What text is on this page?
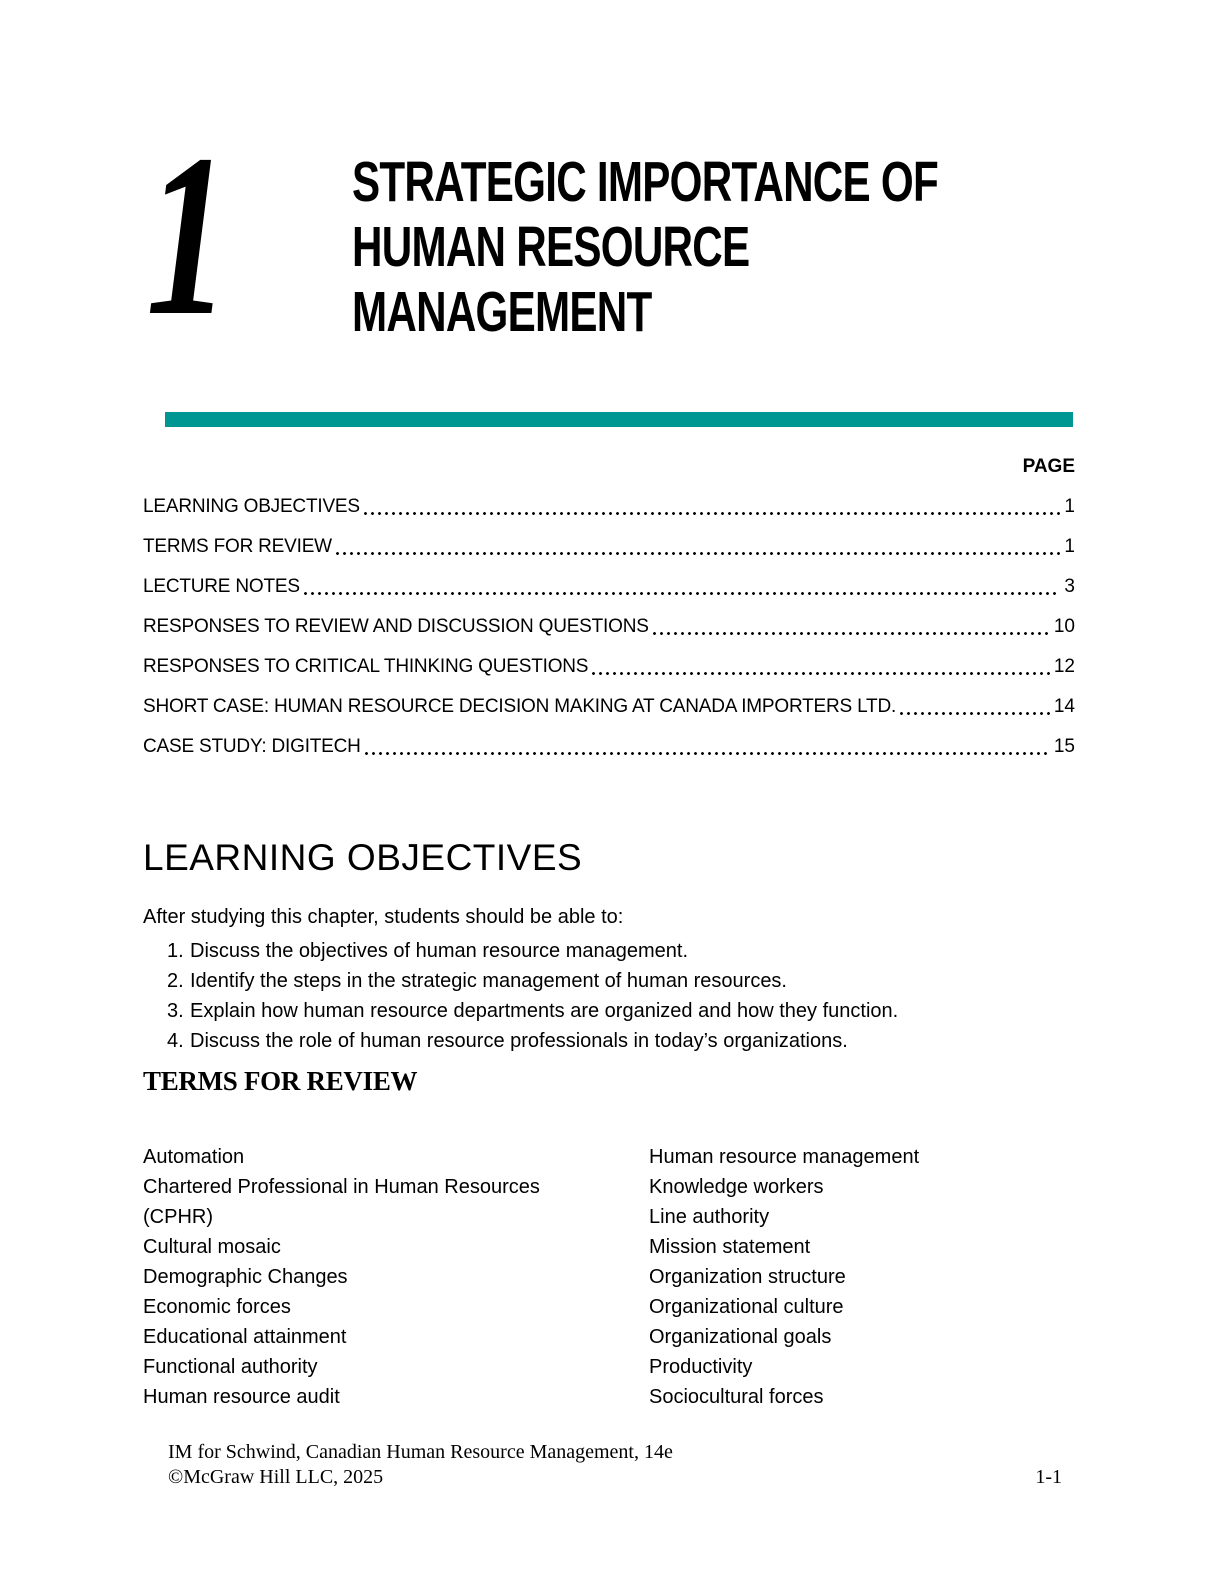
1 STRATEGIC IMPORTANCE OF
HUMAN RESOURCE
MANAGEMENT
PAGE
LEARNING OBJECTIVES	1
TERMS FOR REVIEW	1
LECTURE NOTES	3
RESPONSES TO REVIEW AND DISCUSSION QUESTIONS	10
RESPONSES TO CRITICAL THINKING QUESTIONS	12
SHORT CASE: HUMAN RESOURCE DECISION MAKING AT CANADA IMPORTERS LTD.	14
CASE STUDY: DIGITECH	15
LEARNING OBJECTIVES

After studying this chapter, students should be able to:

1. Discuss the objectives of human resource management.
2. Identify the steps in the strategic management of human resources.
3. Explain how human resource departments are organized and how they function.
4. Discuss the role of human resource professionals in today’s organizations.
TERMS FOR REVIEW
Automation
Chartered Professional in Human Resources (CPHR)
Cultural mosaic
Demographic Changes
Economic forces
Educational attainment
Functional authority
Human resource audit
Human resource management
Knowledge workers
Line authority
Mission statement
Organization structure
Organizational culture
Organizational goals
Productivity
Sociocultural forces
IM for Schwind, Canadian Human Resource Management, 14e
©McGraw Hill LLC, 2025	1-1
